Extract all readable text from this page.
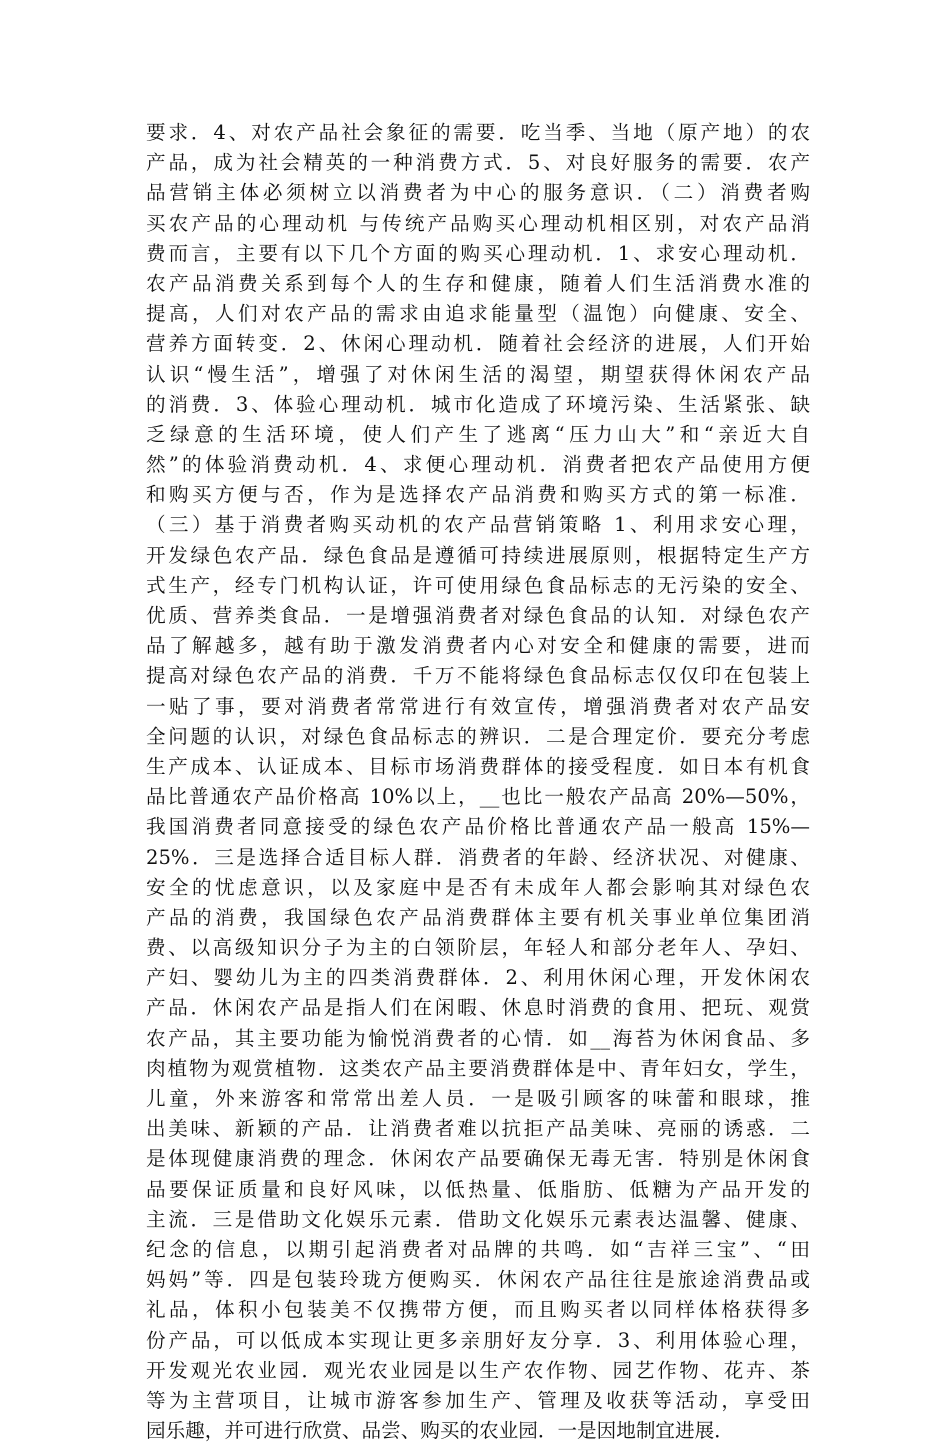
要求．4、对农产品社会象征的需要．吃当季、当地（原产地）的农
产品，成为社会精英的一种消费方式．5、对良好服务的需要．农产
品营销主体必须树立以消费者为中心的服务意识．（二）消费者购
买农产品的心理动机 与传统产品购买心理动机相区别，对农产品消
费而言，主要有以下几个方面的购买心理动机．1、求安心理动机．
农产品消费关系到每个人的生存和健康，随着人们生活消费水准的
提高，人们对农产品的需求由追求能量型（温饱）向健康、安全、
营养方面转变．2、休闲心理动机．随着社会经济的进展，人们开始
认识“慢生活”，增强了对休闲生活的渴望，期望获得休闲农产品
的消费．3、体验心理动机．城市化造成了环境污染、生活紧张、缺
乏绿意的生活环境，使人们产生了逃离“压力山大”和“亲近大自
然”的体验消费动机．4、求便心理动机．消费者把农产品使用方便
和购买方便与否，作为是选择农产品消费和购买方式的第一标准．
（三）基于消费者购买动机的农产品营销策略 1、利用求安心理，
开发绿色农产品．绿色食品是遵循可持续进展原则，根据特定生产方
式生产，经专门机构认证，许可使用绿色食品标志的无污染的安全、
优质、营养类食品．一是增强消费者对绿色食品的认知．对绿色农产
品了解越多，越有助于激发消费者内心对安全和健康的需要，进而
提高对绿色农产品的消费．千万不能将绿色食品标志仅仅印在包装上
一贴了事，要对消费者常常进行有效宣传，增强消费者对农产品安
全问题的认识，对绿色食品标志的辨识．二是合理定价．要充分考虑
生产成本、认证成本、目标市场消费群体的接受程度．如日本有机食
品比普通农产品价格高 10%以上，__也比一般农产品高 20%—50%，
我国消费者同意接受的绿色农产品价格比普通农产品一般高 15%—
25%．三是选择合适目标人群．消费者的年龄、经济状况、对健康、
安全的忧虑意识，以及家庭中是否有未成年人都会影响其对绿色农
产品的消费，我国绿色农产品消费群体主要有机关事业单位集团消
费、以高级知识分子为主的白领阶层，年轻人和部分老年人、孕妇、
产妇、婴幼儿为主的四类消费群体．2、利用休闲心理，开发休闲农
产品．休闲农产品是指人们在闲暇、休息时消费的食用、把玩、观赏
农产品，其主要功能为愉悦消费者的心情．如__海苔为休闲食品、多
肉植物为观赏植物．这类农产品主要消费群体是中、青年妇女，学生，
儿童，外来游客和常常出差人员．一是吸引顾客的味蕾和眼球，推
出美味、新颖的产品．让消费者难以抗拒产品美味、亮丽的诱惑．二
是体现健康消费的理念．休闲农产品要确保无毒无害．特别是休闲食
品要保证质量和良好风味，以低热量、低脂肪、低糖为产品开发的
主流．三是借助文化娱乐元素．借助文化娱乐元素表达温馨、健康、
纪念的信息，以期引起消费者对品牌的共鸣．如“吉祥三宝”、“田
妈妈”等．四是包装玲珑方便购买．休闲农产品往往是旅途消费品或
礼品，体积小包装美不仅携带方便，而且购买者以同样体格获得多
份产品，可以低成本实现让更多亲朋好友分享．3、利用体验心理，
开发观光农业园．观光农业园是以生产农作物、园艺作物、花卉、茶
等为主营项目，让城市游客参加生产、管理及收获等活动，享受田
园乐趣，并可进行欣赏、品尝、购买的农业园．一是因地制宜进展．
